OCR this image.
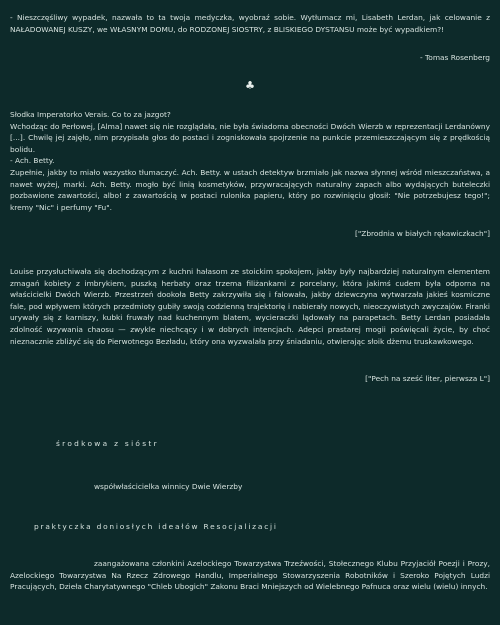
- Nieszczęśliwy wypadek, nazwała to ta twoja medyczka, wyobraź sobie. Wytłumacz mi, Lisabeth Lerdan, jak celowanie z NAŁADOWANEJ KUSZY, we WŁASNYM DOMU, do RODZONEJ SIOSTRY, z BLISKIEGO DYSTANSU może być wypadkiem?!

- Tomas Rosenberg
♣

Słodka Imperatorko Verais. Co to za jazgot?

Wchodząc do Perłowej, [Alma] nawet się nie rozglądała, nie była świadoma obecności Dwóch Wierzb w reprezentacji Lerdanówny [...]. Chwilę jej zajęło, nim przypisała głos do postaci i zogniskowała spojrzenie na punkcie przemieszczającym się z prędkością bolidu.

- Ach. Betty.

Zupełnie, jakby to miało wszystko tłumaczyć. Ach. Betty. w ustach detektyw brzmiało jak nazwa słynnej wśród mieszczaństwa, a nawet wyżej, marki. Ach. Betty. mogło być linią kosmetyków, przywracających naturalny zapach albo wydających buteleczki pozbawione zawartości, albo! z zawartością w postaci rulonika papieru, który po rozwinięciu głosił: "Nie potrzebujesz tego!"; kremy "Nic" i perfumy "Fu".

["Zbrodnia w białych rękawiczkach"]

Louise przysłuchiwała się dochodzącym z kuchni hałasom ze stoickim spokojem, jakby były najbardziej naturalnym elementem zmagań kobiety z imbrykiem, puszką herbaty oraz trzema filiżankami z porcelany, która jakimś cudem była odporna na właścicielki Dwóch Wierzb. Przestrzeń dookoła Betty zakrzywiła się i falowała, jakby dziewczyna wytwarzała jakieś kosmiczne fale, pod wpływem których przedmioty gubiły swoją codzienną trajektorię i nabierały nowych, nieoczywistych zwyczajów. Firanki urywały się z karniszy, kubki fruwały nad kuchennym blatem, wycieraczki lądowały na parapetach. Betty Lerdan posiadała zdolność wzywania chaosu — zwykle niechcący i w dobrych intencjach. Adepci prastarej mogii poświęcali życie, by choć nieznacznie zbliżyć się do Pierwotnego Bezładu, który ona wyzwalała przy śniadaniu, otwierając słoik dżemu truskawkowego.

["Pech na sześć liter, pierwsza L"]
środkowa z sióstr
współwłaścicielka winnicy Dwie Wierzby
praktyczka doniosłych ideałów Resocjalizacji

zaangażowana członkini Azelockiego Towarzystwa Trzeźwości, Stołecznego Klubu Przyjaciół Poezji i Prozy, Azelockiego Towarzystwa Na Rzecz Zdrowego Handlu, Imperialnego Stowarzyszenia Robotników i Szeroko Pojętych Ludzi Pracujących, Dzieła Charytatywnego "Chleb Ubogich" Zakonu Braci Mniejszych od Wielebnego Pafnuca oraz wielu (wielu) innych.
